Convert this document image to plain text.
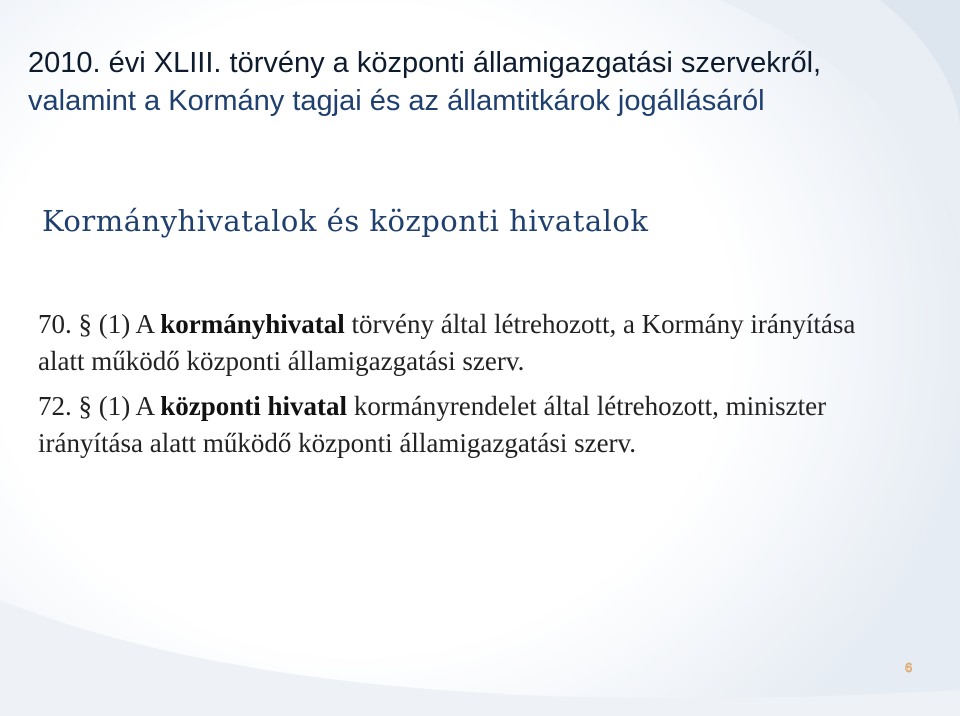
2010. évi XLIII. törvény a központi államigazgatási szervekről,
valamint a Kormány tagjai és az államtitkárok jogállásáról
Kormányhivatalok és központi hivatalok

70. § (1) A kormányhivatal törvény által létrehozott, a Kormány irányítása alatt működő központi államigazgatási szerv.

72. § (1) A központi hivatal kormányrendelet által létrehozott, miniszter irányítása alatt működő központi államigazgatási szerv.

6
